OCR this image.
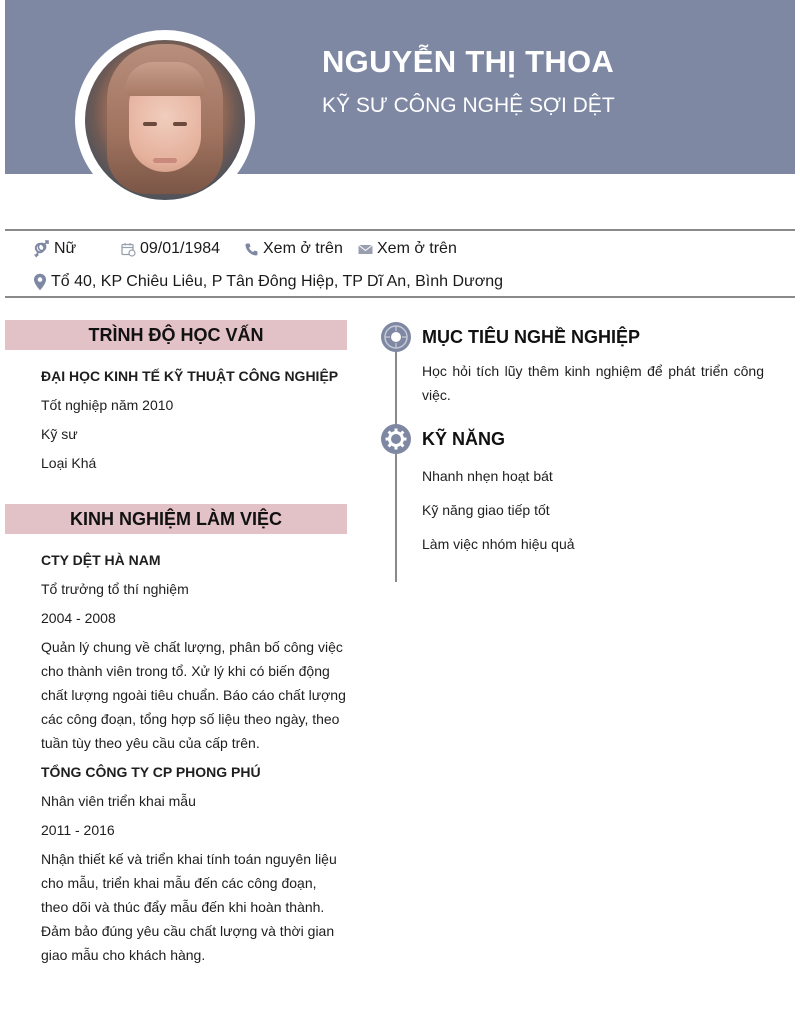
NGUYỄN THỊ THOA
KỸ SƯ CÔNG NGHỆ SỢI DỆT
Nữ	09/01/1984	Xem ở trên Xem ở trên
Tổ 40, KP Chiêu Liêu, P Tân Đông Hiệp, TP Dĩ An, Bình Dương
TRÌNH ĐỘ HỌC VẤN
ĐẠI HỌC KINH TẾ KỸ THUẬT CÔNG NGHIỆP
Tốt nghiệp năm 2010
Kỹ sư
Loại Khá
KINH NGHIỆM LÀM VIỆC
CTY DỆT HÀ NAM
Tổ trưởng tổ thí nghiệm
2004 - 2008
Quản lý chung về chất lượng, phân bố công việc cho thành viên trong tổ. Xử lý khi có biến động chất lượng ngoài tiêu chuẩn. Báo cáo chất lượng các công đoạn, tổng hợp số liệu theo ngày, theo tuần tùy theo yêu cầu của cấp trên.
TỔNG CÔNG TY CP PHONG PHÚ
Nhân viên triển khai mẫu
2011 - 2016
Nhận thiết kế và triển khai tính toán nguyên liệu cho mẫu, triển khai mẫu đến các công đoạn, theo dõi và thúc đẩy mẫu đến khi hoàn thành. Đảm bảo đúng yêu cầu chất lượng và thời gian giao mẫu cho khách hàng.
MỤC TIÊU NGHỀ NGHIỆP
Học hỏi tích lũy thêm kinh nghiệm để phát triển công việc.
KỸ NĂNG
Nhanh nhẹn hoạt bát
Kỹ năng giao tiếp tốt
Làm việc nhóm hiệu quả
